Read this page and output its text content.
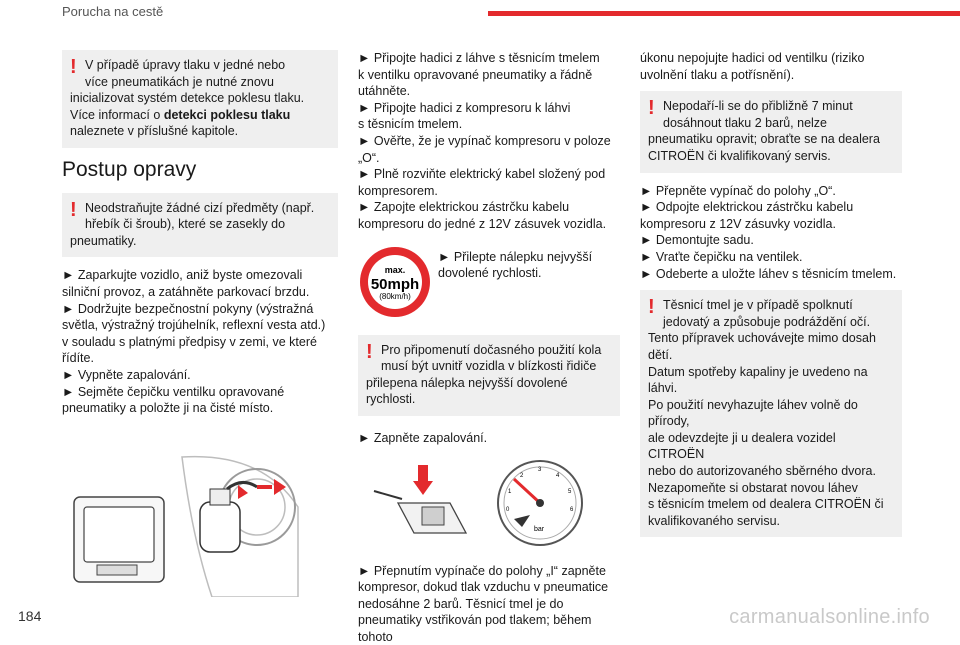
Porucha na cestě
! V případě úpravy tlaku v jedné nebo

více pneumatikách je nutné znovu

inicializovat systém detekce poklesu tlaku.

Více informací o detekci poklesu tlaku

naleznete v příslušné kapitole.

Postup opravy
! Neodstraňujte žádné cizí předměty (např.

hřebík či šroub), které se zasekly do

pneumatiky.

► Zaparkujte vozidlo, aniž byste omezovali

silniční provoz, a zatáhněte parkovací brzdu.

► Dodržujte bezpečnostní pokyny (výstražná

světla, výstražný trojúhelník, reflexní vesta atd.)

v souladu s platnými předpisy v zemi, ve které

řídíte.

► Vypněte zapalování.

► Sejměte čepičku ventilku opravované

pneumatiky a položte ji na čisté místo.

► Připojte hadici z láhve s těsnicím tmelem

k ventilku opravované pneumatiky a řádně

utáhněte.

► Připojte hadici z kompresoru k láhvi

s těsnicím tmelem.

► Ověřte, že je vypínač kompresoru v poloze

„O“.

► Plně rozviňte elektrický kabel složený pod

kompresorem.

► Zapojte elektrickou zástrčku kabelu

kompresoru do jedné z 12V zásuvek vozidla.

max.
50mph
(80km/h)

► Přilepte nálepku nejvyšší

dovolené rychlosti.

! Pro připomenutí dočasného použití kola

musí být uvnitř vozidla v blízkosti řidiče

přilepena nálepka nejvyšší dovolené rychlosti.

► Zapněte zapalování.

0
1
2
3
4
5
6
bar

► Přepnutím vypínače do polohy „I“ zapněte

kompresor, dokud tlak vzduchu v pneumatice

nedosáhne 2 barů. Těsnicí tmel je do

pneumatiky vstřikován pod tlakem; během tohoto

úkonu nepojujte hadici od ventilku (riziko

uvolnění tlaku a potřísnění).

! Nepodaří-li se do přibližně 7 minut

dosáhnout tlaku 2 barů, nelze

pneumatiku opravit; obraťte se na dealera

CITROËN či kvalifikovaný servis.

► Přepněte vypínač do polohy „O“.

► Odpojte elektrickou zástrčku kabelu

kompresoru z 12V zásuvky vozidla.

► Demontujte sadu.

► Vraťte čepičku na ventilek.

► Odeberte a uložte láhev s těsnicím tmelem.

! Těsnicí tmel je v případě spolknutí

jedovatý a způsobuje podráždění očí.

Tento přípravek uchovávejte mimo dosah

dětí.

Datum spotřeby kapaliny je uvedeno na láhvi.

Po použití nevyhazujte láhev volně do přírody,

ale odevzdejte ji u dealera vozidel CITROËN

nebo do autorizovaného sběrného dvora.

Nezapomeňte si obstarat novou láhev

s těsnicím tmelem od dealera CITROËN či

kvalifikovaného servisu.

184	carmanualsonline.info
